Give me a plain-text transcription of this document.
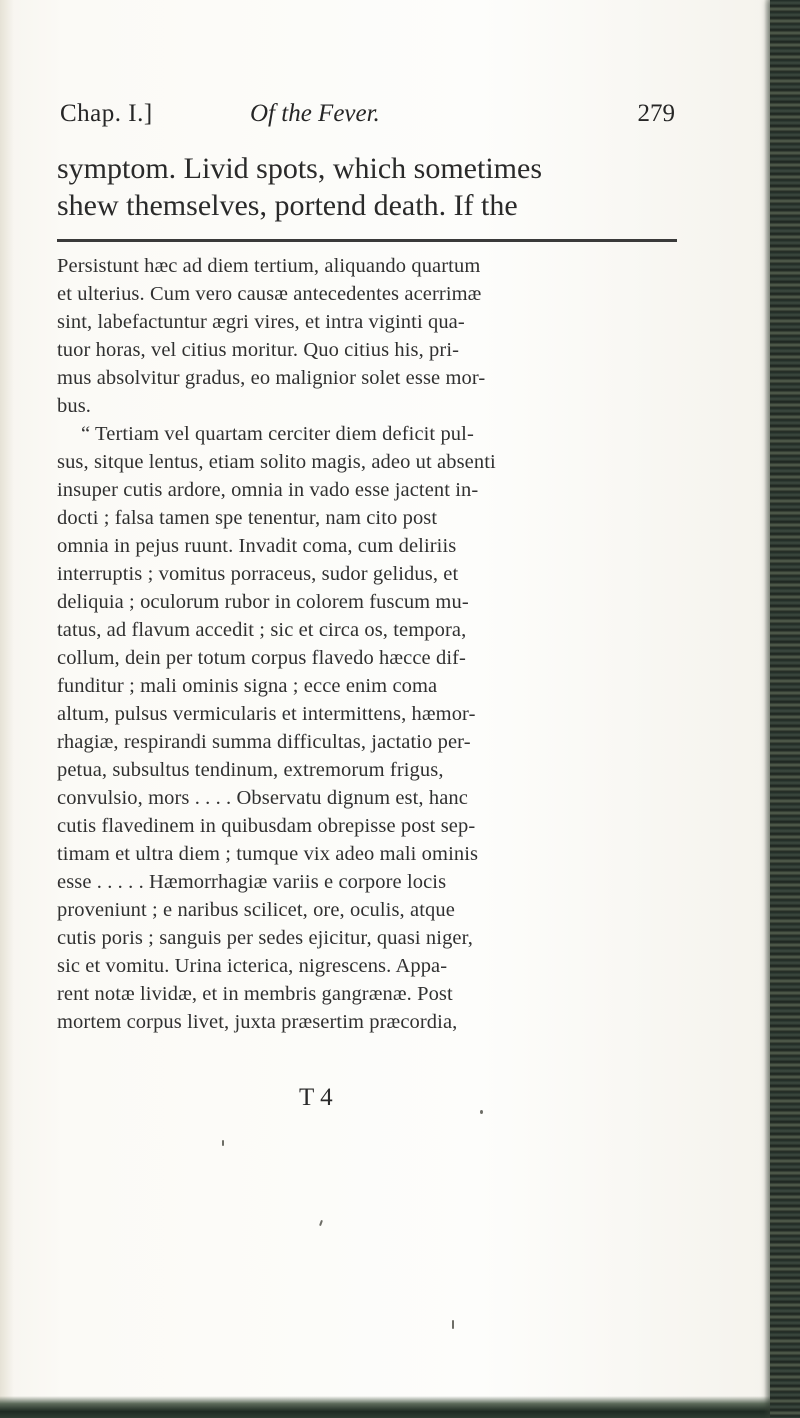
Chap. I.]	Of the Fever.	279
symptom. Livid spots, which sometimes
shew themselves, portend death. If the
Persistunt hæc ad diem tertium, aliquando quartum
et ulterius. Cum vero causæ antecedentes acerrimæ
sint, labefactuntur ægri vires, et intra viginti qua-
tuor horas, vel citius moritur. Quo citius his, pri-
mus absolvitur gradus, eo malignior solet esse mor-
bus.
“ Tertiam vel quartam cerciter diem deficit pul-
sus, sitque lentus, etiam solito magis, adeo ut absenti
insuper cutis ardore, omnia in vado esse jactent in-
docti ; falsa tamen spe tenentur, nam cito post
omnia in pejus ruunt. Invadit coma, cum deliriis
interruptis ; vomitus porraceus, sudor gelidus, et
deliquia ; oculorum rubor in colorem fuscum mu-
tatus, ad flavum accedit ; sic et circa os, tempora,
collum, dein per totum corpus flavedo hæcce dif-
funditur ; mali ominis signa ; ecce enim coma
altum, pulsus vermicularis et intermittens, hæmor-
rhagiæ, respirandi summa difficultas, jactatio per-
petua, subsultus tendinum, extremorum frigus,
convulsio, mors . . . . Observatu dignum est, hanc
cutis flavedinem in quibusdam obrepisse post sep-
timam et ultra diem ; tumque vix adeo mali ominis
esse . . . . . Hæmorrhagiæ variis e corpore locis
proveniunt ; e naribus scilicet, ore, oculis, atque
cutis poris ; sanguis per sedes ejicitur, quasi niger,
sic et vomitu. Urina icterica, nigrescens. Appa-
rent notæ lividæ, et in membris gangrænæ. Post
mortem corpus livet, juxta præsertim præcordia,
T 4
